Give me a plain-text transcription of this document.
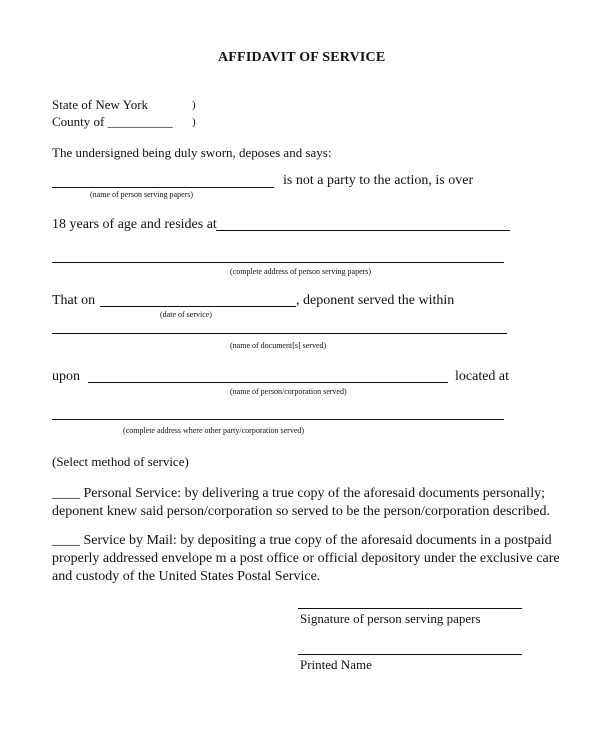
AFFIDAVIT OF SERVICE
State of New York	)
County of __________ )
The undersigned being duly sworn, deposes and says:
is not a party to the action, is over
(name of person serving papers)
18 years of age and resides at
(complete address of person serving papers)
That on	, deponent served the within
(date of service)
(name of document[s] served)
upon	located at
(name of person/corporation served)
(complete address where other party/corporation served)
(Select method of service)
____ Personal Service: by delivering a true copy of the aforesaid documents personally;
deponent knew said person/corporation so served to be the person/corporation described.
____ Service by Mail: by depositing a true copy of the aforesaid documents in a postpaid
properly addressed envelope m a post office or official depository under the exclusive care
and custody of the United States Postal Service.
Signature of person serving papers
Printed Name
